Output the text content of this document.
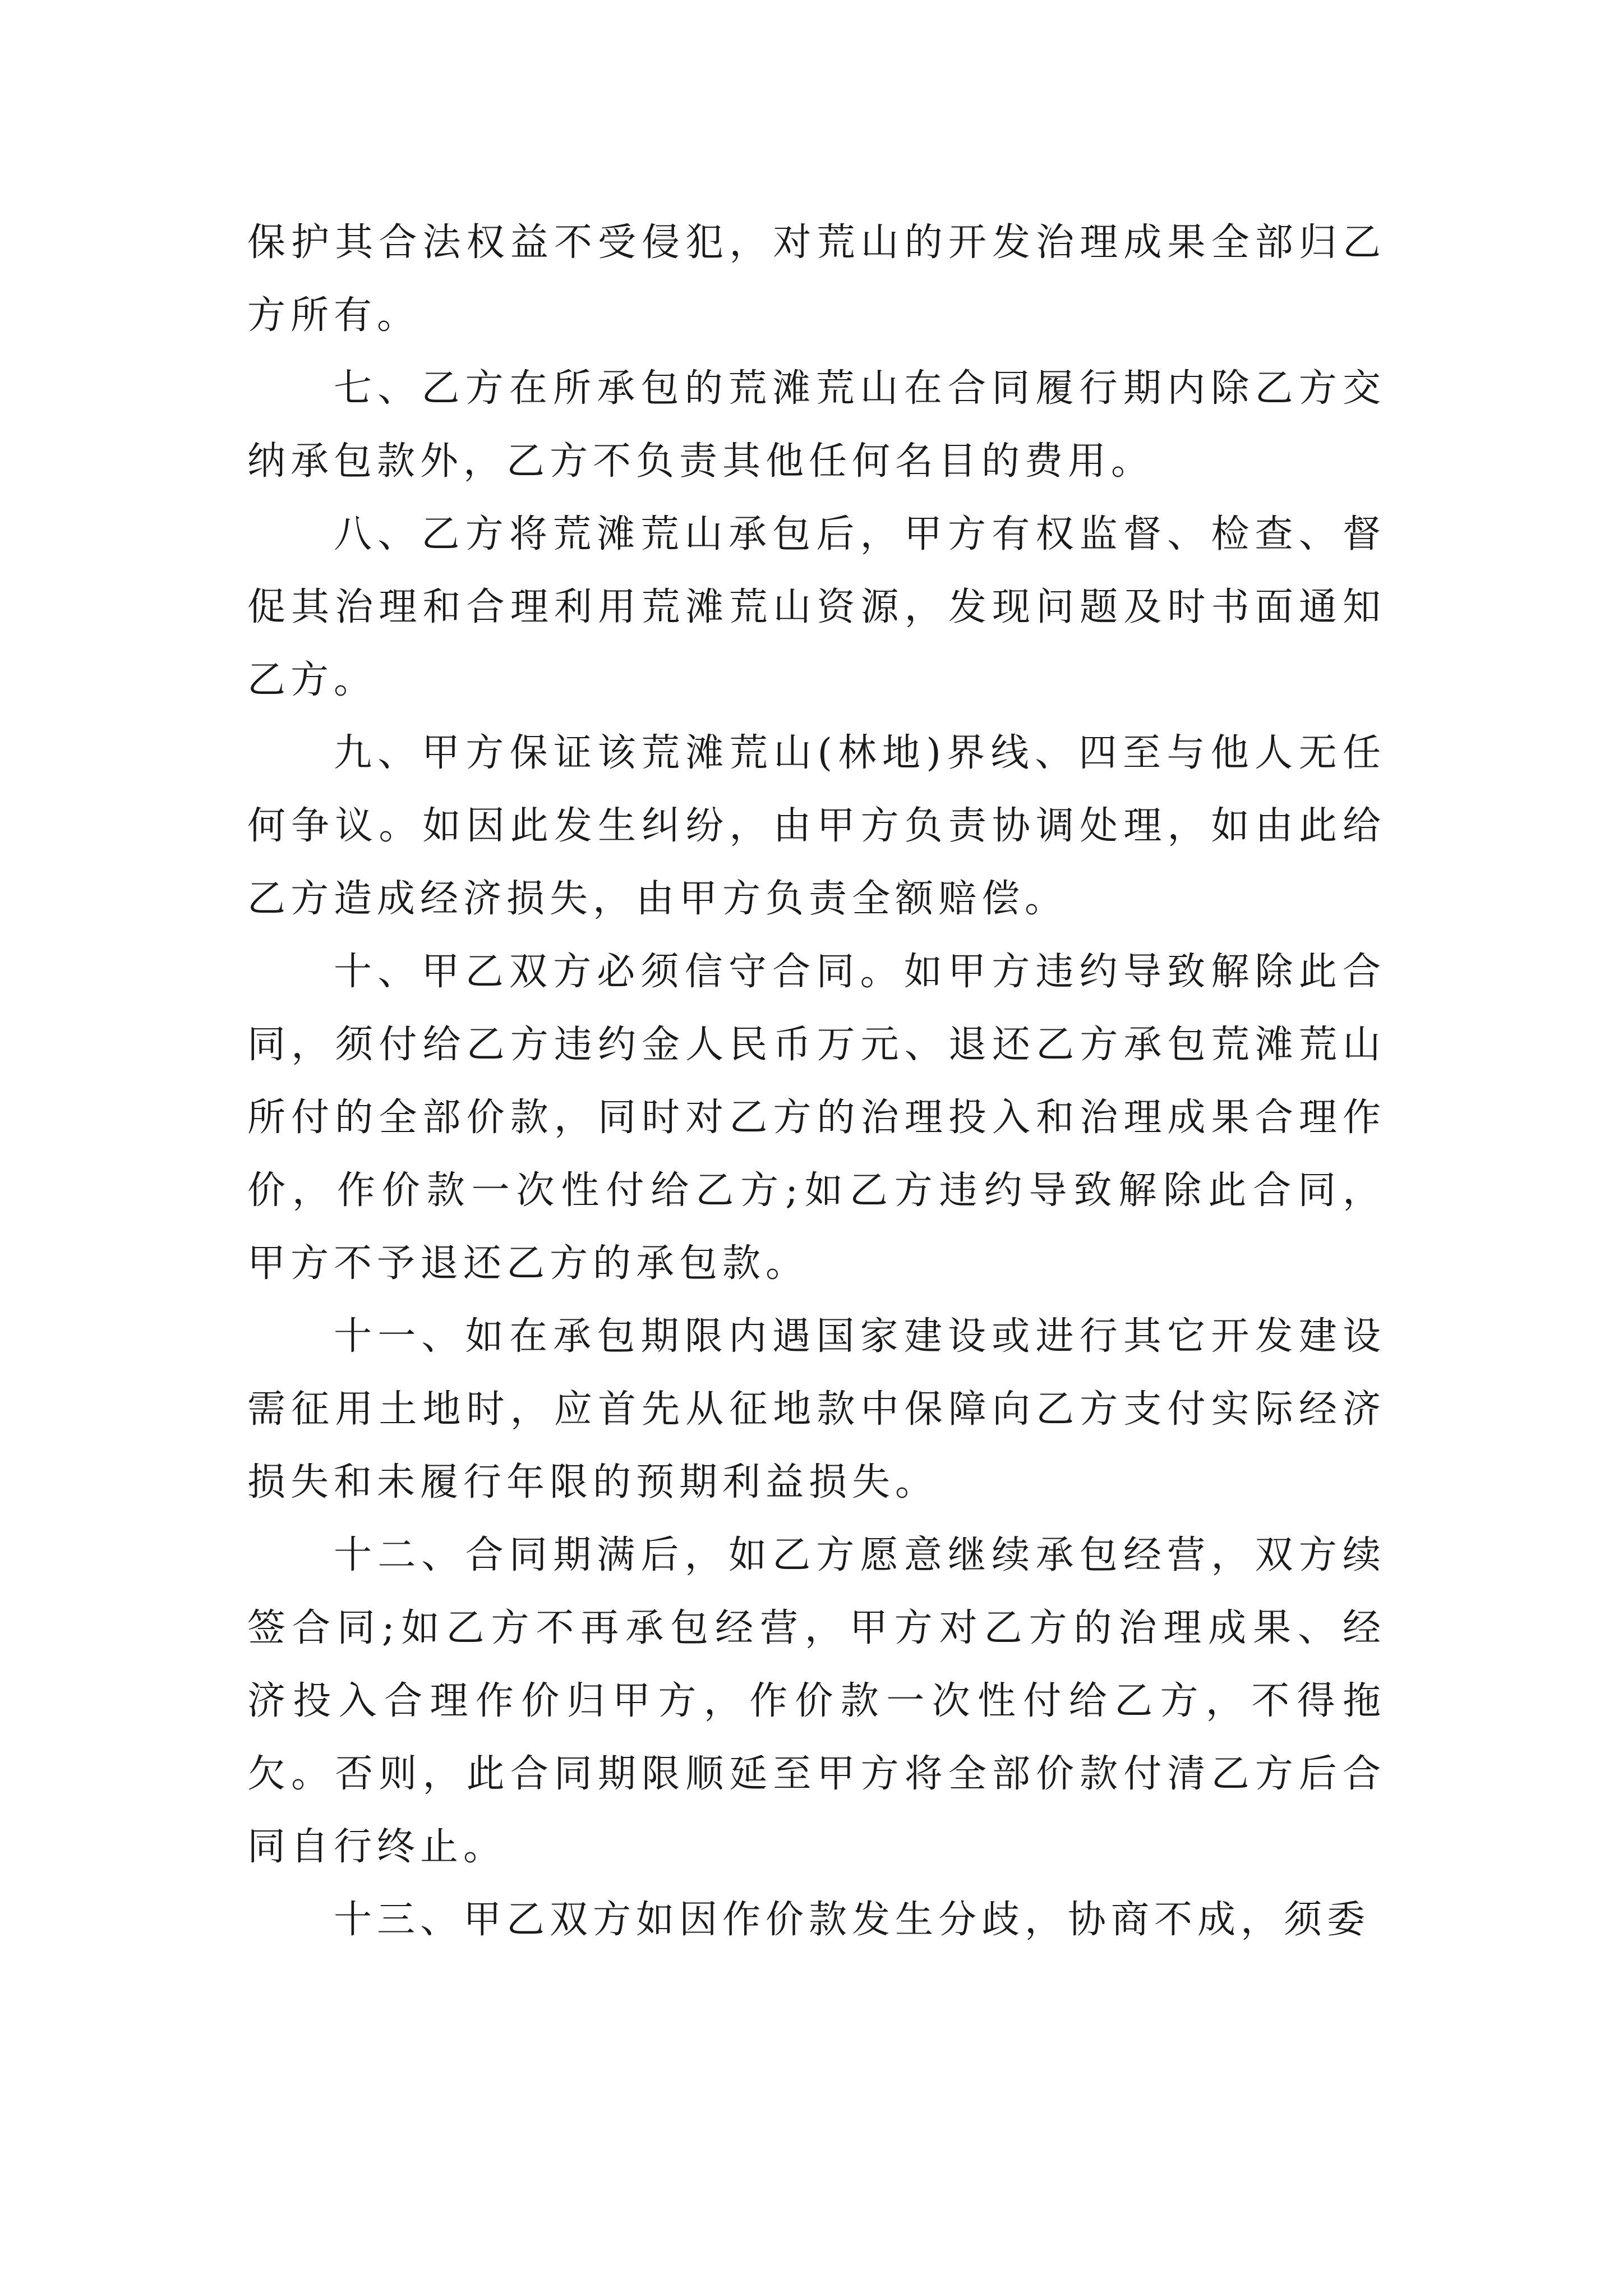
保护其合法权益不受侵犯，对荒山的开发治理成果全部归乙方所有。

七、乙方在所承包的荒滩荒山在合同履行期内除乙方交纳承包款外，乙方不负责其他任何名目的费用。

八、乙方将荒滩荒山承包后，甲方有权监督、检查、督促其治理和合理利用荒滩荒山资源，发现问题及时书面通知乙方。

九、甲方保证该荒滩荒山(林地)界线、四至与他人无任何争议。如因此发生纠纷，由甲方负责协调处理，如由此给乙方造成经济损失，由甲方负责全额赔偿。

十、甲乙双方必须信守合同。如甲方违约导致解除此合同，须付给乙方违约金人民币万元、退还乙方承包荒滩荒山所付的全部价款，同时对乙方的治理投入和治理成果合理作价，作价款一次性付给乙方;如乙方违约导致解除此合同，甲方不予退还乙方的承包款。

十一、如在承包期限内遇国家建设或进行其它开发建设需征用土地时，应首先从征地款中保障向乙方支付实际经济损失和未履行年限的预期利益损失。

十二、合同期满后，如乙方愿意继续承包经营，双方续签合同;如乙方不再承包经营，甲方对乙方的治理成果、经济投入合理作价归甲方，作价款一次性付给乙方，不得拖欠。否则，此合同期限顺延至甲方将全部价款付清乙方后合同自行终止。

十三、甲乙双方如因作价款发生分歧，协商不成，须委
